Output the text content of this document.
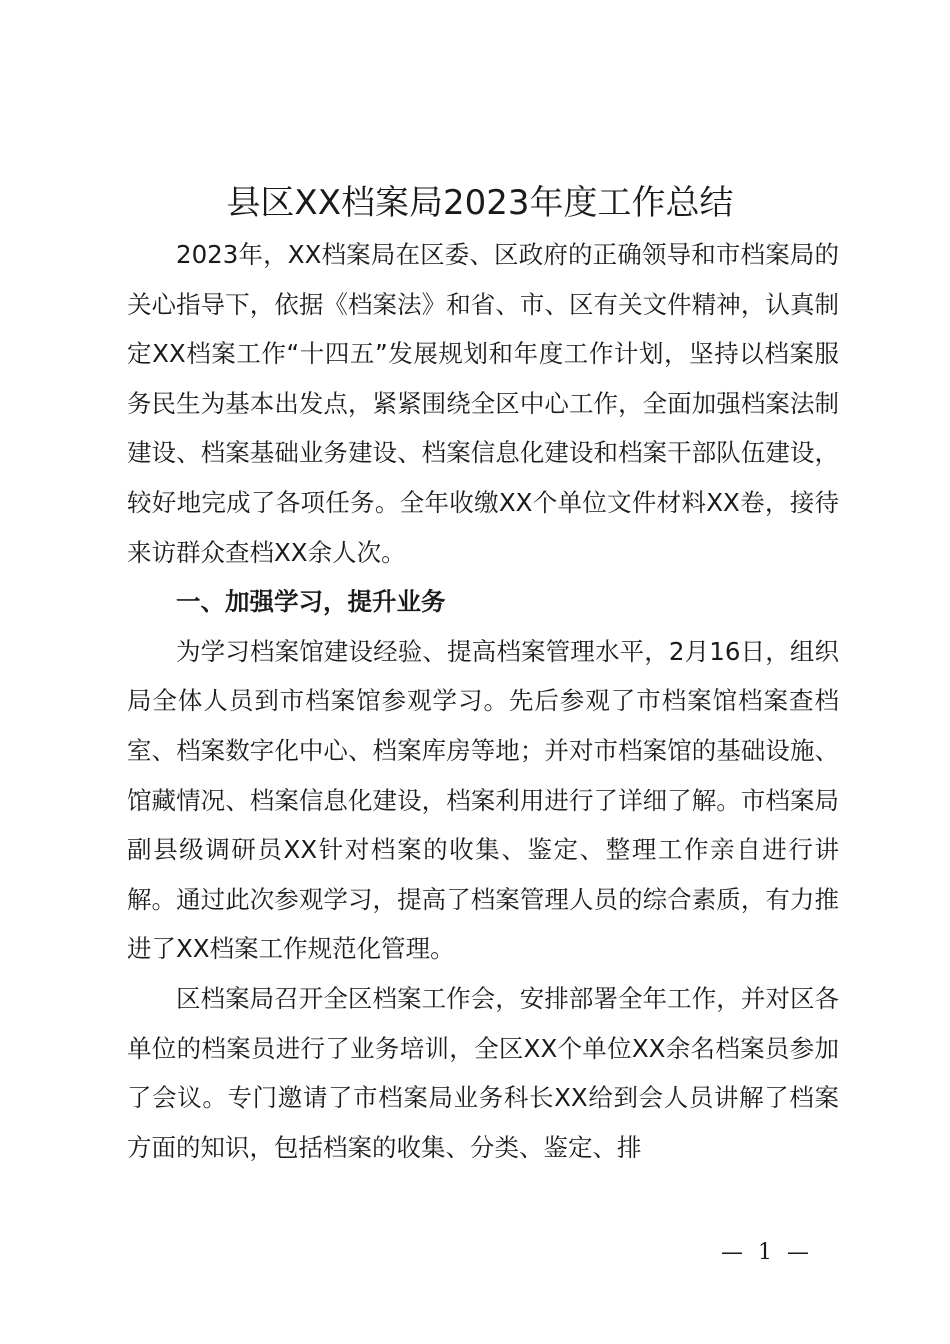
县区XX档案局2023年度工作总结

2023年，XX档案局在区委、区政府的正确领导和市档案局的关心指导下，依据《档案法》和省、市、区有关文件精神，认真制定XX档案工作“十四五”发展规划和年度工作计划，坚持以档案服务民生为基本出发点，紧紧围绕全区中心工作，全面加强档案法制建设、档案基础业务建设、档案信息化建设和档案干部队伍建设，较好地完成了各项任务。全年收缴XX个单位文件材料XX卷，接待来访群众查档XX余人次。

一、加强学习，提升业务

为学习档案馆建设经验、提高档案管理水平，2月16日，组织局全体人员到市档案馆参观学习。先后参观了市档案馆档案查档室、档案数字化中心、档案库房等地；并对市档案馆的基础设施、馆藏情况、档案信息化建设，档案利用进行了详细了解。市档案局副县级调研员XX针对档案的收集、鉴定、整理工作亲自进行讲解。通过此次参观学习，提高了档案管理人员的综合素质，有力推进了XX档案工作规范化管理。

区档案局召开全区档案工作会，安排部署全年工作，并对区各单位的档案员进行了业务培训，全区XX个单位XX余名档案员参加了会议。专门邀请了市档案局业务科长XX给到会人员讲解了档案方面的知识，包括档案的收集、分类、鉴定、排

— 1 —
